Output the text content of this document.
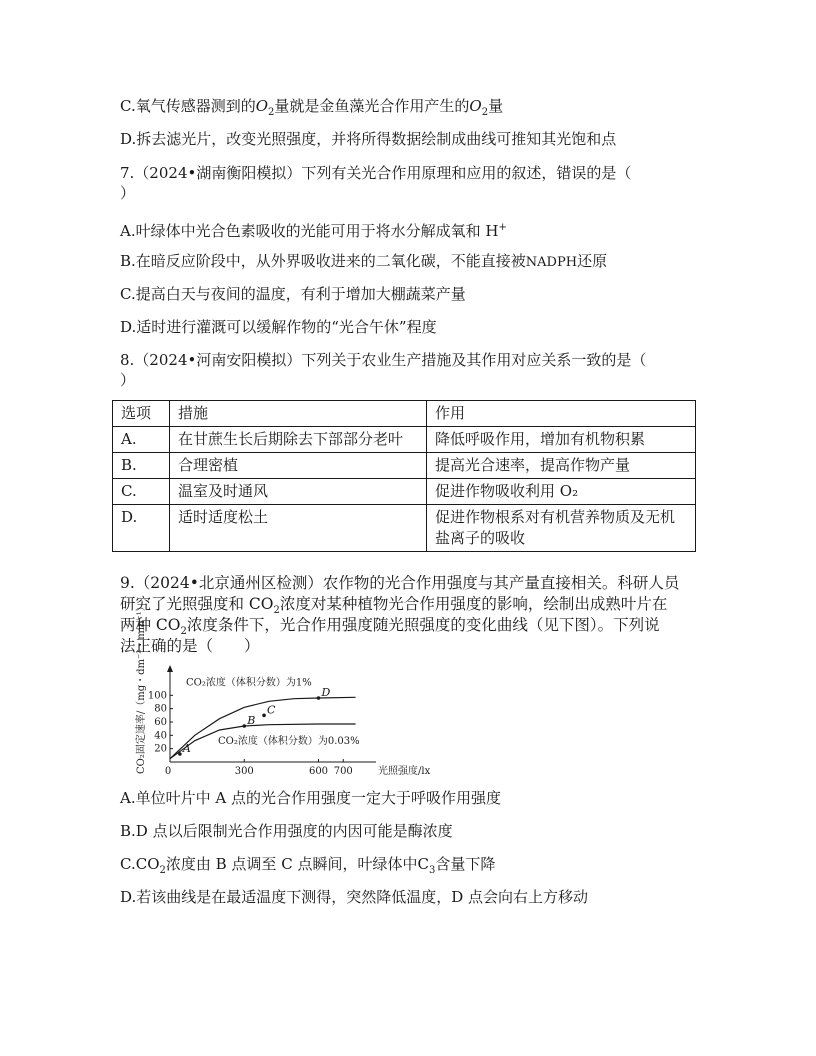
C.氧气传感器测到的$O_2$量就是金鱼藻光合作用产生的$O_2$量
D.拆去滤光片，改变光照强度，并将所得数据绘制成曲线可推知其光饱和点
7.（2024•湖南衡阳模拟）下列有关光合作用原理和应用的叙述，错误的是（
）
A.叶绿体中光合色素吸收的光能可用于将水分解成氧和 H+
B.在暗反应阶段中，从外界吸收进来的二氧化碳，不能直接被NADPH还原
C.提高白天与夜间的温度，有利于增加大棚蔬菜产量
D.适时进行灌溉可以缓解作物的“光合午休”程度
8.（2024•河南安阳模拟）下列关于农业生产措施及其作用对应关系一致的是（
）
选项	措施	作用
A.	在甘蔗生长后期除去下部部分老叶	降低呼吸作用，增加有机物积累
B.	合理密植	提高光合速率，提高作物产量
C.	温室及时通风	促进作物吸收利用 O₂
D.	适时适度松土	促进作物根系对有机营养物质及无机盐离子的吸收
9.（2024•北京通州区检测）农作物的光合作用强度与其产量直接相关。科研人员
研究了光照强度和 $CO_2$浓度对某种植物光合作用强度的影响，绘制出成熟叶片在
两种 $CO_2$浓度条件下，光合作用强度随光照强度的变化曲线（见下图）。下列说
法正确的是（　　）
CO₂固定速率/（mg・dm⁻²・min⁻¹） 20
40
60
80
100
0	300	600 700	光照强度/lx
CO₂浓度（体积分数）为1%
CO₂浓度（体积分数）为0.03%
A
B
C
D
A.单位叶片中 A 点的光合作用强度一定大于呼吸作用强度
B.D 点以后限制光合作用强度的内因可能是酶浓度
$C.CO_2$浓度由 B 点调至 C 点瞬间，叶绿体中$C_3$含量下降
D.若该曲线是在最适温度下测得，突然降低温度，D 点会向右上方移动
